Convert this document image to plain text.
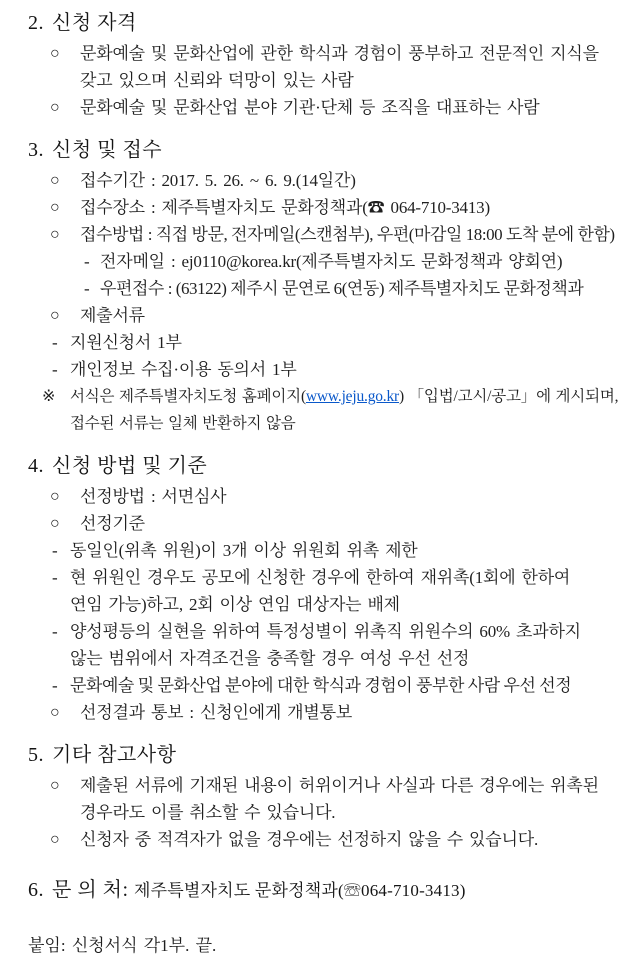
2. 신청 자격
○	문화예술 및 문화산업에 관한 학식과 경험이 풍부하고 전문적인 지식을
갖고 있으며 신뢰와 덕망이 있는 사람
○	문화예술 및 문화산업 분야 기관·단체 등 조직을 대표하는 사람
3. 신청 및 접수
○	접수기간 : 2017. 5. 26. ~ 6. 9.(14일간)
○	접수장소 : 제주특별자치도 문화정책과(☎ 064-710-3413)
○	접수방법 : 직접 방문, 전자메일(스캔첨부), 우편(마감일 18:00 도착 분에 한함)
- 전자메일 : ej0110@korea.kr(제주특별자치도 문화정책과 양회연)
- 우편접수 : (63122) 제주시 문연로 6(연동) 제주특별자치도 문화정책과
○	제출서류
- 지원신청서 1부
- 개인정보 수집·이용 동의서 1부
※ 서식은 제주특별자치도청 홈페이지(www.jeju.go.kr) 「입법/고시/공고」에 게시되며,
접수된 서류는 일체 반환하지 않음
4. 신청 방법 및 기준
○	선정방법 : 서면심사
○	선정기준
- 동일인(위촉 위원)이 3개 이상 위원회 위촉 제한
- 현 위원인 경우도 공모에 신청한 경우에 한하여 재위촉(1회에 한하여
연임 가능)하고, 2회 이상 연임 대상자는 배제
- 양성평등의 실현을 위하여 특정성별이 위촉직 위원수의 60% 초과하지
않는 범위에서 자격조건을 충족할 경우 여성 우선 선정
- 문화예술 및 문화산업 분야에 대한 학식과 경험이 풍부한 사람 우선 선정
○	선정결과 통보 : 신청인에게 개별통보
5. 기타 참고사항
○	제출된 서류에 기재된 내용이 허위이거나 사실과 다른 경우에는 위촉된
경우라도 이를 취소할 수 있습니다.
○	신청자 중 적격자가 없을 경우에는 선정하지 않을 수 있습니다.
6. 문 의 처: 제주특별자치도 문화정책과(☏064-710-3413)
붙임: 신청서식 각1부. 끝.
